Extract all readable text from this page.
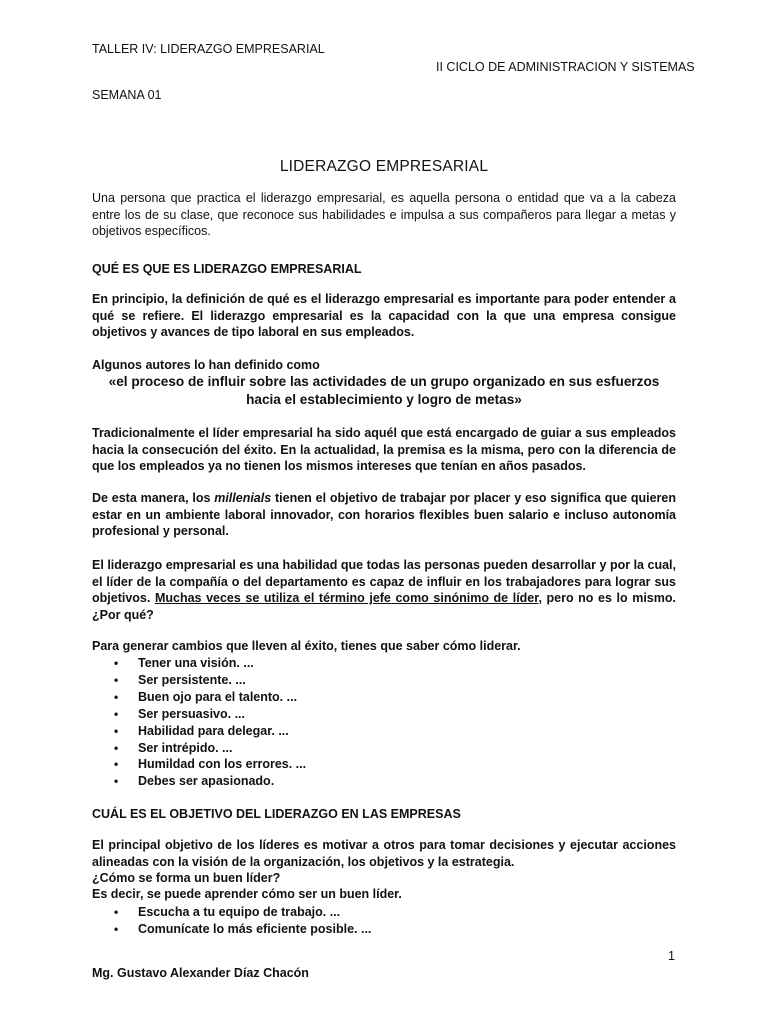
TALLER IV: LIDERAZGO EMPRESARIAL
II CICLO DE ADMINISTRACION Y SISTEMAS
SEMANA 01
LIDERAZGO EMPRESARIAL
Una persona que practica el liderazgo empresarial, es aquella persona o entidad que va a la cabeza entre los de su clase, que reconoce sus habilidades e impulsa a sus compañeros para llegar a metas y objetivos específicos.
QUÉ ES QUE ES LIDERAZGO EMPRESARIAL
En principio, la definición de qué es el liderazgo empresarial es importante para poder entender a qué se refiere. El liderazgo empresarial es la capacidad con la que una empresa consigue objetivos y avances de tipo laboral en sus empleados.
Algunos autores lo han definido como
«el proceso de influir sobre las actividades de un grupo organizado en sus esfuerzos hacia el establecimiento y logro de metas»
Tradicionalmente el líder empresarial ha sido aquél que está encargado de guiar a sus empleados hacia la consecución del éxito. En la actualidad, la premisa es la misma, pero con la diferencia de que los empleados ya no tienen los mismos intereses que tenían en años pasados.
De esta manera, los millenials tienen el objetivo de trabajar por placer y eso significa que quieren estar en un ambiente laboral innovador, con horarios flexibles buen salario e incluso autonomía profesional y personal.
El liderazgo empresarial es una habilidad que todas las personas pueden desarrollar y por la cual, el líder de la compañía o del departamento es capaz de influir en los trabajadores para lograr sus objetivos. Muchas veces se utiliza el término jefe como sinónimo de líder, pero no es lo mismo. ¿Por qué?
Para generar cambios que lleven al éxito, tienes que saber cómo liderar.
• Tener una visión. ...
• Ser persistente. ...
• Buen ojo para el talento. ...
• Ser persuasivo. ...
• Habilidad para delegar. ...
• Ser intrépido. ...
• Humildad con los errores. ...
• Debes ser apasionado.
CUÁL ES EL OBJETIVO DEL LIDERAZGO EN LAS EMPRESAS
El principal objetivo de los líderes es motivar a otros para tomar decisiones y ejecutar acciones alineadas con la visión de la organización, los objetivos y la estrategia.
¿Cómo se forma un buen líder?
Es decir, se puede aprender cómo ser un buen líder.
• Escucha a tu equipo de trabajo. ...
• Comunícate lo más eficiente posible. ...
1
Mg. Gustavo Alexander Díaz Chacón
